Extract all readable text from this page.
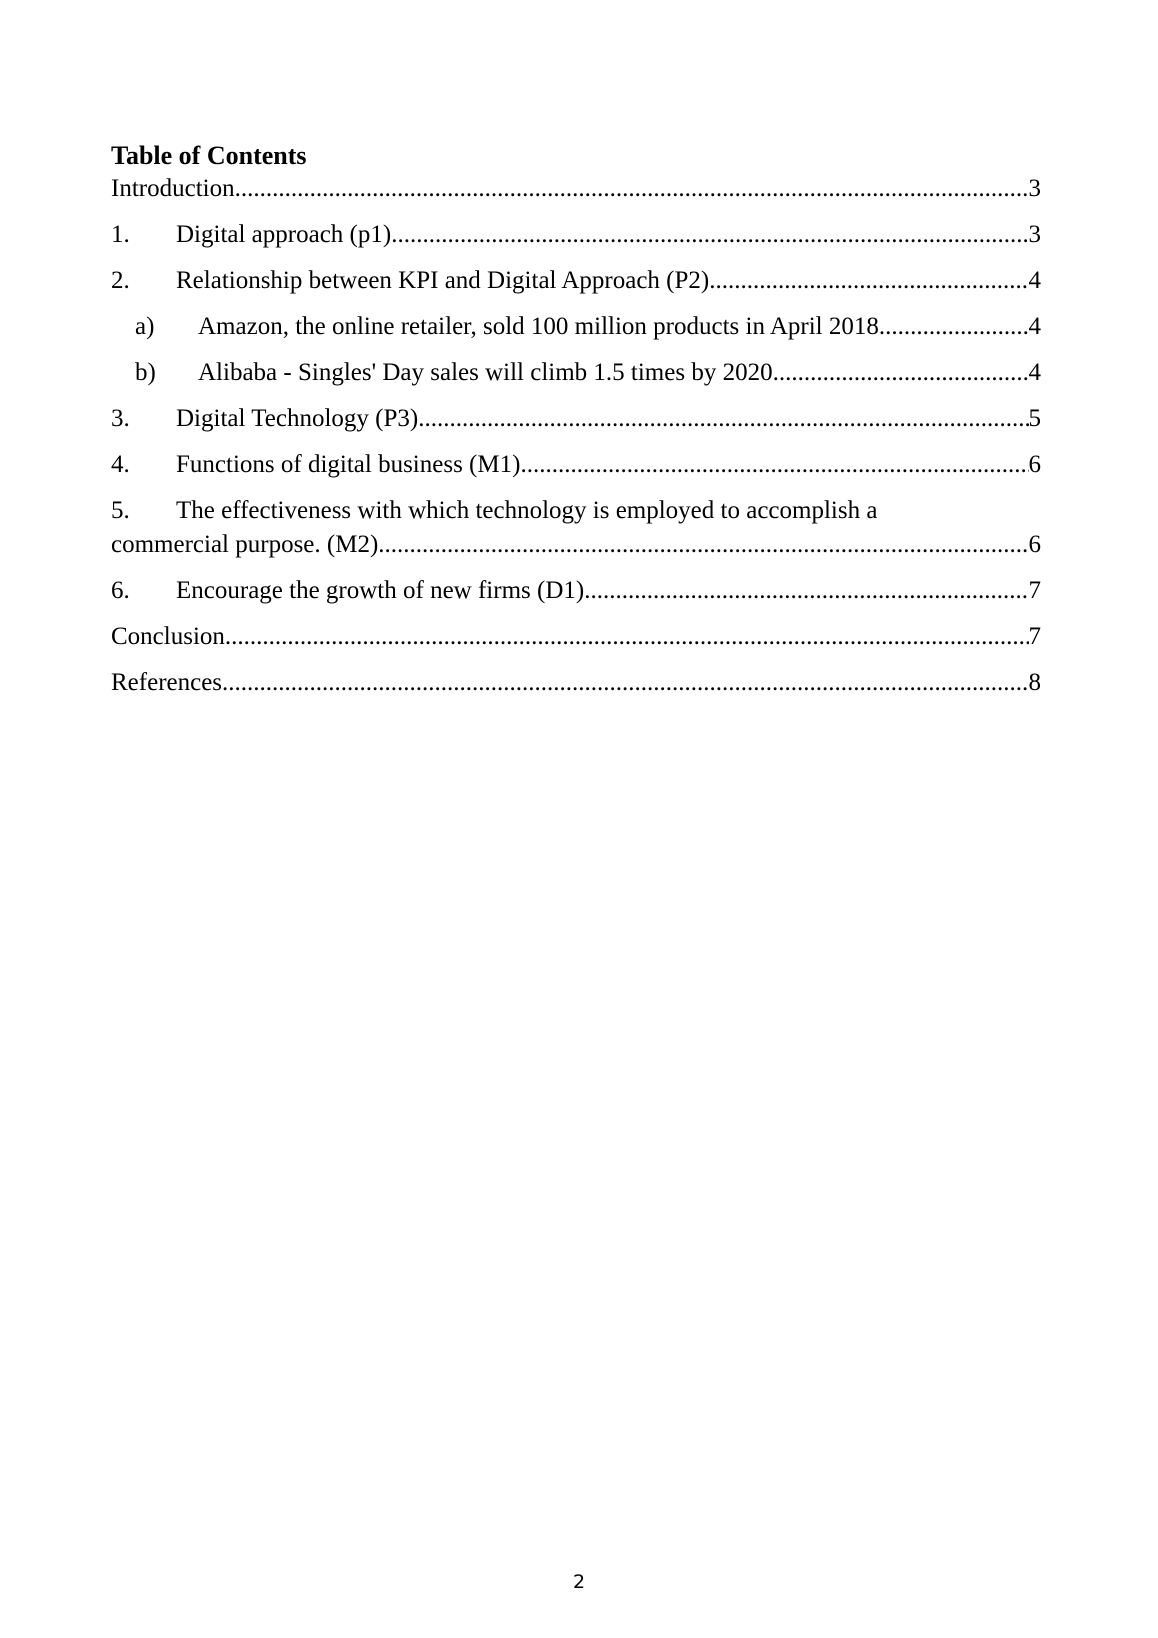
Table of Contents
Introduction .....	3
1.	Digital approach (p1) .....	3
2.	Relationship between KPI and Digital Approach (P2) .....	4
a)	Amazon, the online retailer, sold 100 million products in April 2018 .....	4
b)	Alibaba - Singles' Day sales will climb 1.5 times by 2020 .....	4
3.	Digital Technology (P3) .....	5
4.	Functions of digital business (M1) .....	6
5.	The effectiveness with which technology is employed to accomplish a
commercial purpose. (M2) .....	6
6.	Encourage the growth of new firms (D1) .....	7
Conclusion .....	7
References .....	8
2
